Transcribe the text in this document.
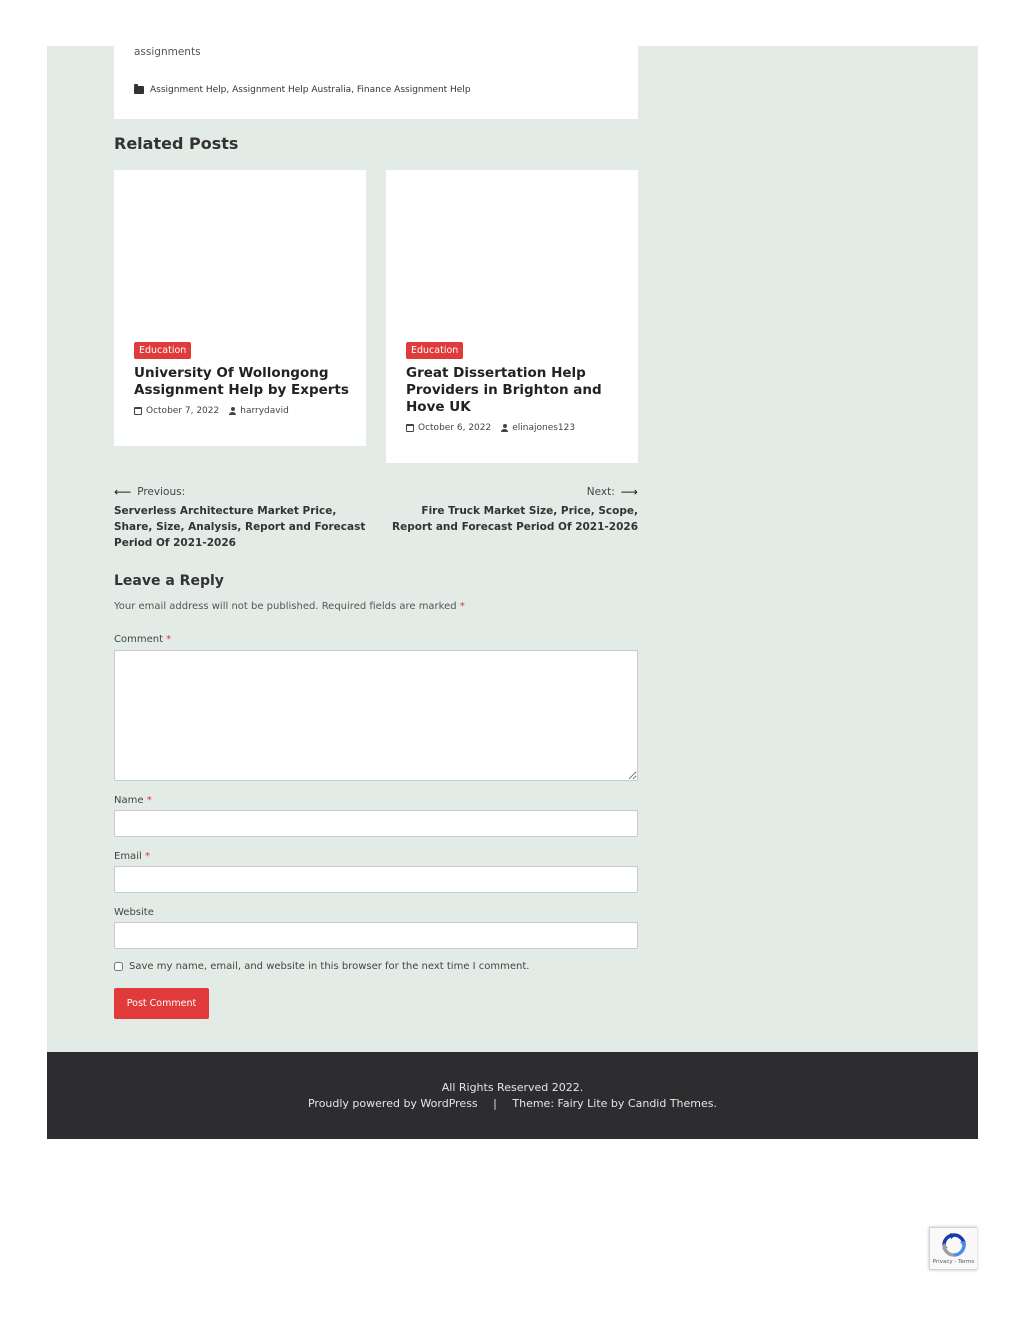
assignments
Assignment Help , Assignment Help Australia , Finance Assignment Help
Related Posts
Education
University Of Wollongong Assignment Help by Experts
October 7, 2022 harrydavid
Education
Great Dissertation Help Providers in Brighton and Hove UK
October 6, 2022 elinajones123
⟵ Previous:
Serverless Architecture Market Price, Share, Size, Analysis, Report and Forecast Period Of 2021-2026
Next: ⟶
Fire Truck Market Size, Price, Scope, Report and Forecast Period Of 2021-2026
Leave a Reply

Your email address will not be published. Required fields are marked *

Comment *
Name *
Email *
Website
Save my name, email, and website in this browser for the next time I comment.
Post Comment
All Rights Reserved 2022.
Proudly powered by WordPress | Theme: Fairy Lite by Candid Themes.
Privacy - Terms
